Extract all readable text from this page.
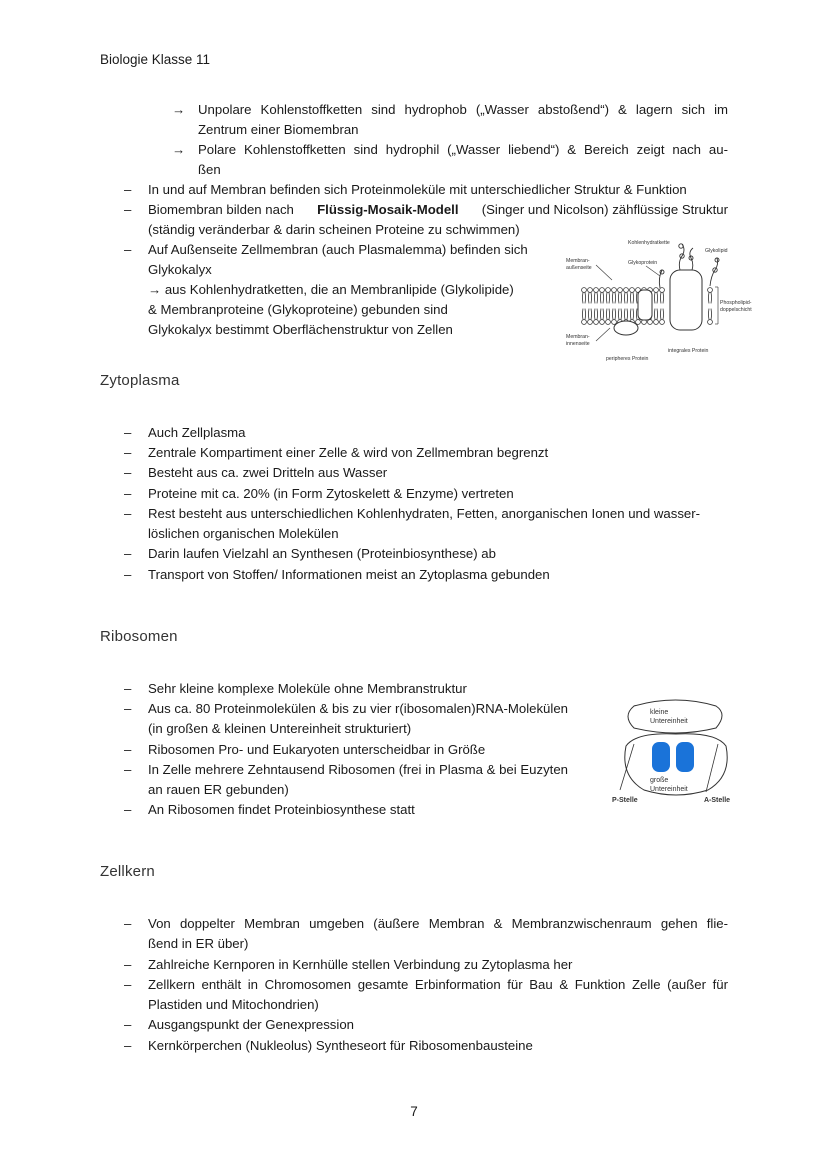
Biologie Klasse 11
→ Unpolare Kohlenstoffketten sind hydrophob („Wasser abstoßend“) & lagern sich im
Zentrum einer Biomembran
→ Polare Kohlenstoffketten sind hydrophil („Wasser liebend“) & Bereich zeigt nach au-
ßen
– In und auf Membran befinden sich Proteinmoleküle mit unterschiedlicher Struktur & Funktion
– Biomembran bilden nach Flüssig-Mosaik-Modell (Singer und Nicolson) zähflüssige Struktur
(ständig veränderbar & darin scheinen Proteine zu schwimmen)
– Auf Außenseite Zellmembran (auch Plasmalemma) befinden sich
Glykokalyx
→ aus Kohlenhydratketten, die an Membranlipide (Glykolipide)
& Membranproteine (Glykoproteine) gebunden sind
Glykokalyx bestimmt Oberflächenstruktur von Zellen
Kohlenhydratkette
Glykolipid
Membran-
außenseite
Glykoprotein
Phospholipid-
doppelschicht
Membran-
innenseite
peripheres Protein
integrales Protein
Zytoplasma
– Auch Zellplasma
– Zentrale Kompartiment einer Zelle & wird von Zellmembran begrenzt
– Besteht aus ca. zwei Dritteln aus Wasser
– Proteine mit ca. 20% (in Form Zytoskelett & Enzyme) vertreten
– Rest besteht aus unterschiedlichen Kohlenhydraten, Fetten, anorganischen Ionen und wasser-
löslichen organischen Molekülen
– Darin laufen Vielzahl an Synthesen (Proteinbiosynthese) ab
– Transport von Stoffen/ Informationen meist an Zytoplasma gebunden
Ribosomen
– Sehr kleine komplexe Moleküle ohne Membranstruktur
– Aus ca. 80 Proteinmolekülen & bis zu vier r(ibosomalen)RNA-Molekülen
(in großen & kleinen Untereinheit strukturiert)
– Ribosomen Pro- und Eukaryoten unterscheidbar in Größe
– In Zelle mehrere Zehntausend Ribosomen (frei in Plasma & bei Euzyten
an rauen ER gebunden)
– An Ribosomen findet Proteinbiosynthese statt
kleine
Untereinheit
große
Untereinheit
P-Stelle	A-Stelle
Zellkern
– Von doppelter Membran umgeben (äußere Membran & Membranzwischenraum gehen flie-
ßend in ER über)
– Zahlreiche Kernporen in Kernhülle stellen Verbindung zu Zytoplasma her
– Zellkern enthält in Chromosomen gesamte Erbinformation für Bau & Funktion Zelle (außer für
Plastiden und Mitochondrien)
– Ausgangspunkt der Genexpression
– Kernkörperchen (Nukleolus) Syntheseort für Ribosomenbausteine
7
